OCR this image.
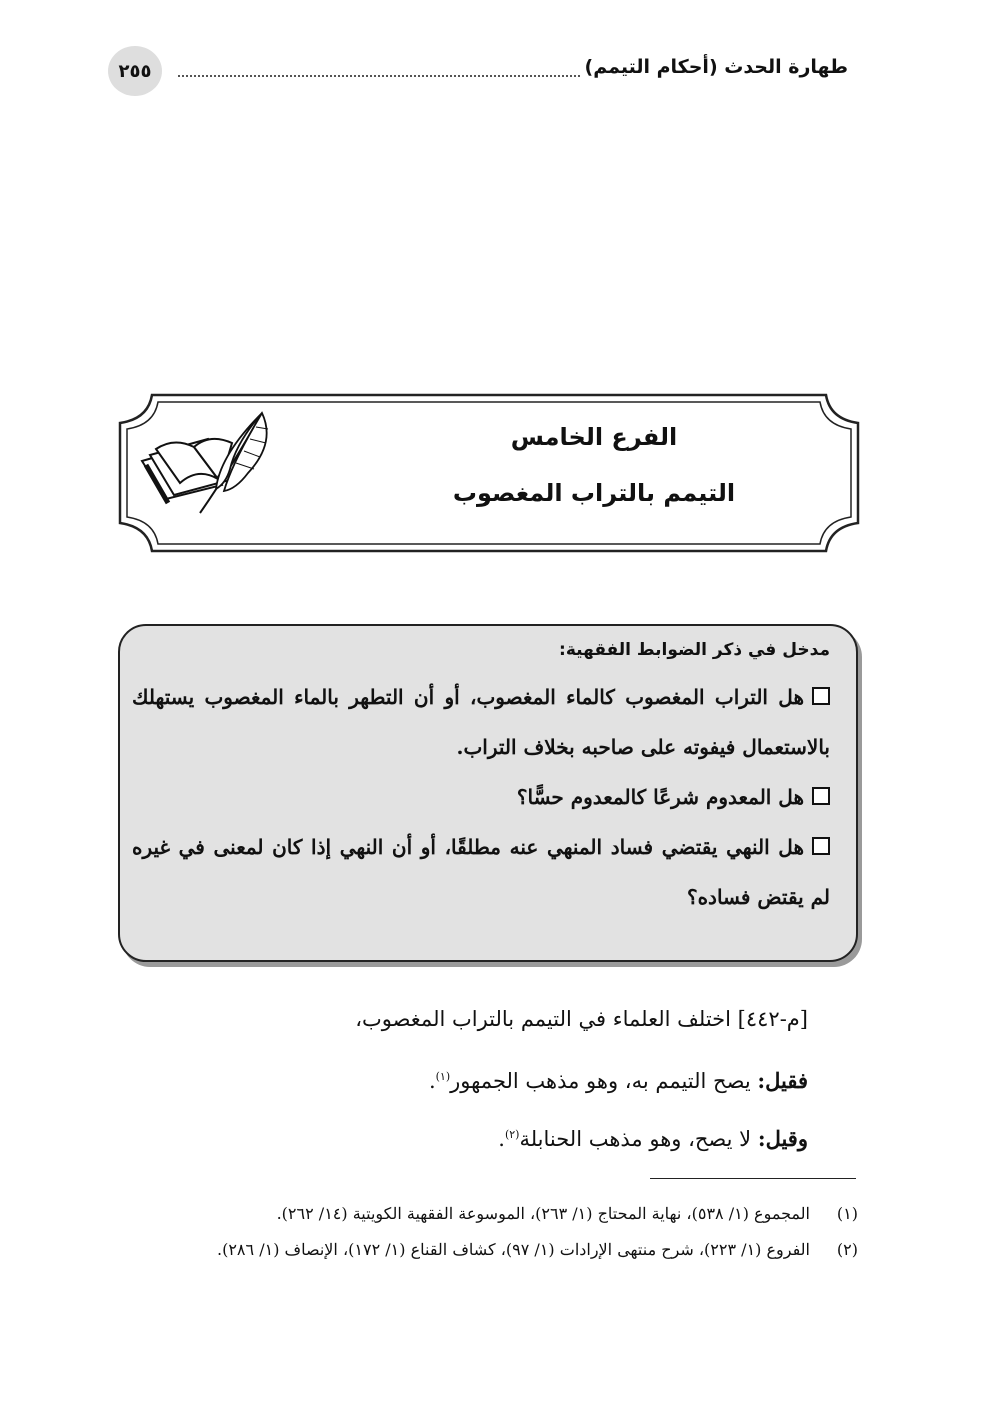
طهارة الحدث (أحكام التيمم)
٢٥٥
الفرع الخامس
التيمم بالتراب المغصوب

مدخل في ذكر الضوابط الفقهية:

هل التراب المغصوب كالماء المغصوب، أو أن التطهر بالماء المغصوب يستهلك بالاستعمال فيفوته على صاحبه بخلاف التراب.

هل المعدوم شرعًا كالمعدوم حسًّا؟

هل النهي يقتضي فساد المنهي عنه مطلقًا، أو أن النهي إذا كان لمعنى في غيره لم يقتض فساده؟

[م-٤٤٢] اختلف العلماء في التيمم بالتراب المغصوب،
فقيل: يصح التيمم به، وهو مذهب الجمهور$^{(١)}$.
وقيل: لا يصح، وهو مذهب الحنابلة$^{(٢)}$.
(١)
المجموع (١/ ٥٣٨)، نهاية المحتاج (١/ ٢٦٣)، الموسوعة الفقهية الكويتية (١٤/ ٢٦٢).
(٢)
الفروع (١/ ٢٢٣)، شرح منتهى الإرادات (١/ ٩٧)، كشاف القناع (١/ ١٧٢)، الإنصاف (١/ ٢٨٦).
